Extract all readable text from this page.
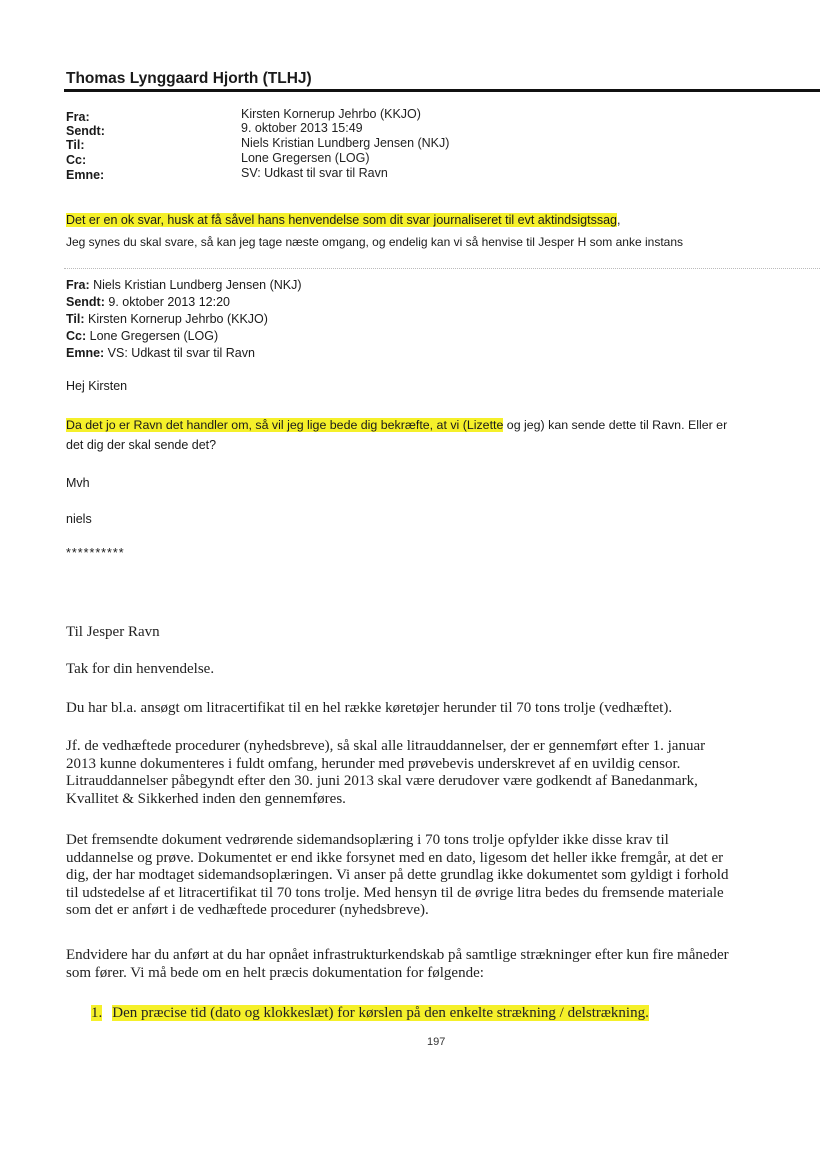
Thomas Lynggaard Hjorth (TLHJ)
Fra:	Kirsten Kornerup Jehrbo (KKJO)
Sendt:	9. oktober 2013 15:49
Til:	Niels Kristian Lundberg Jensen (NKJ)
Cc:	Lone Gregersen (LOG)
Emne:	SV: Udkast til svar til Ravn
Det er en ok svar, husk at få såvel hans henvendelse som dit svar journaliseret til evt aktindsigtssag,
Jeg synes du skal svare, så kan jeg tage næste omgang, og endelig kan vi så henvise til Jesper H som anke instans
Fra: Niels Kristian Lundberg Jensen (NKJ)
Sendt: 9. oktober 2013 12:20
Til: Kirsten Kornerup Jehrbo (KKJO)
Cc: Lone Gregersen (LOG)
Emne: VS: Udkast til svar til Ravn
Hej Kirsten
Da det jo er Ravn det handler om, så vil jeg lige bede dig bekræfte, at vi (Lizette og jeg) kan sende dette til Ravn. Eller er
det dig der skal sende det?
Mvh
niels
**********
Til Jesper Ravn
Tak for din henvendelse.
Du har bl.a. ansøgt om litracertifikat til en hel række køretøjer herunder til 70 tons trolje (vedhæftet).

Jf. de vedhæftede procedurer (nyhedsbreve), så skal alle litrauddannelser, der er gennemført efter 1. januar

2013 kunne dokumenteres i fuldt omfang, herunder med prøvebevis underskrevet af en uvildig censor.

Litrauddannelser påbegyndt efter den 30. juni 2013 skal være derudover være godkendt af Banedanmark,

Kvallitet & Sikkerhed inden den gennemføres.

Det fremsendte dokument vedrørende sidemandsoplæring i 70 tons trolje opfylder ikke disse krav til

uddannelse og prøve. Dokumentet er end ikke forsynet med en dato, ligesom det heller ikke fremgår, at det er

dig, der har modtaget sidemandsoplæringen. Vi anser på dette grundlag ikke dokumentet som gyldigt i forhold

til udstedelse af et litracertifikat til 70 tons trolje. Med hensyn til de øvrige litra bedes du fremsende materiale

som det er anført i de vedhæftede procedurer (nyhedsbreve).

Endvidere har du anført at du har opnået infrastrukturkendskab på samtlige strækninger efter kun fire måneder

som fører. Vi må bede om en helt præcis dokumentation for følgende:

1. Den præcise tid (dato og klokkeslæt) for kørslen på den enkelte strækning / delstrækning.
197
